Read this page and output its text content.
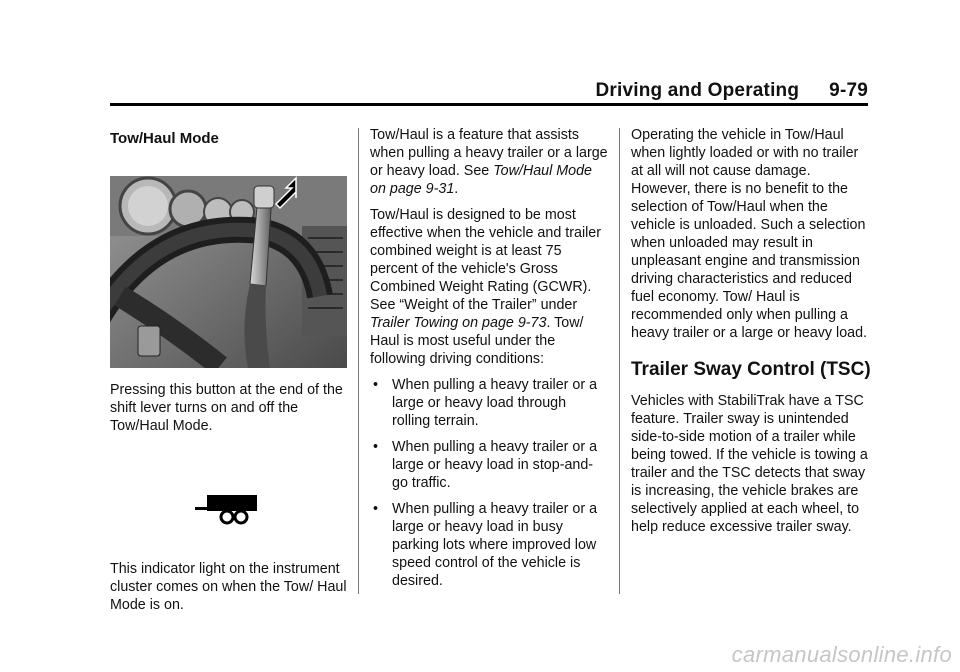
Driving and Operating 9-79
Tow/Haul Mode

Pressing this button at the end of the shift lever turns on and off the Tow/Haul Mode.

This indicator light on the instrument cluster comes on when the Tow/ Haul Mode is on.

Tow/Haul is a feature that assists when pulling a heavy trailer or a large or heavy load. See Tow/Haul Mode on page 9-31.

Tow/Haul is designed to be most effective when the vehicle and trailer combined weight is at least 75 percent of the vehicle's Gross Combined Weight Rating (GCWR). See “Weight of the Trailer” under Trailer Towing on page 9-73. Tow/ Haul is most useful under the following driving conditions:

• When pulling a heavy trailer or a large or heavy load through rolling terrain.
• When pulling a heavy trailer or a large or heavy load in stop-and-go traffic.
• When pulling a heavy trailer or a large or heavy load in busy parking lots where improved low speed control of the vehicle is desired.

Operating the vehicle in Tow/Haul when lightly loaded or with no trailer at all will not cause damage. However, there is no benefit to the selection of Tow/Haul when the vehicle is unloaded. Such a selection when unloaded may result in unpleasant engine and transmission driving characteristics and reduced fuel economy. Tow/ Haul is recommended only when pulling a heavy trailer or a large or heavy load.

Trailer Sway Control (TSC)

Vehicles with StabiliTrak have a TSC feature. Trailer sway is unintended side-to-side motion of a trailer while being towed. If the vehicle is towing a trailer and the TSC detects that sway is increasing, the vehicle brakes are selectively applied at each wheel, to help reduce excessive trailer sway.

carmanualsonline.info
